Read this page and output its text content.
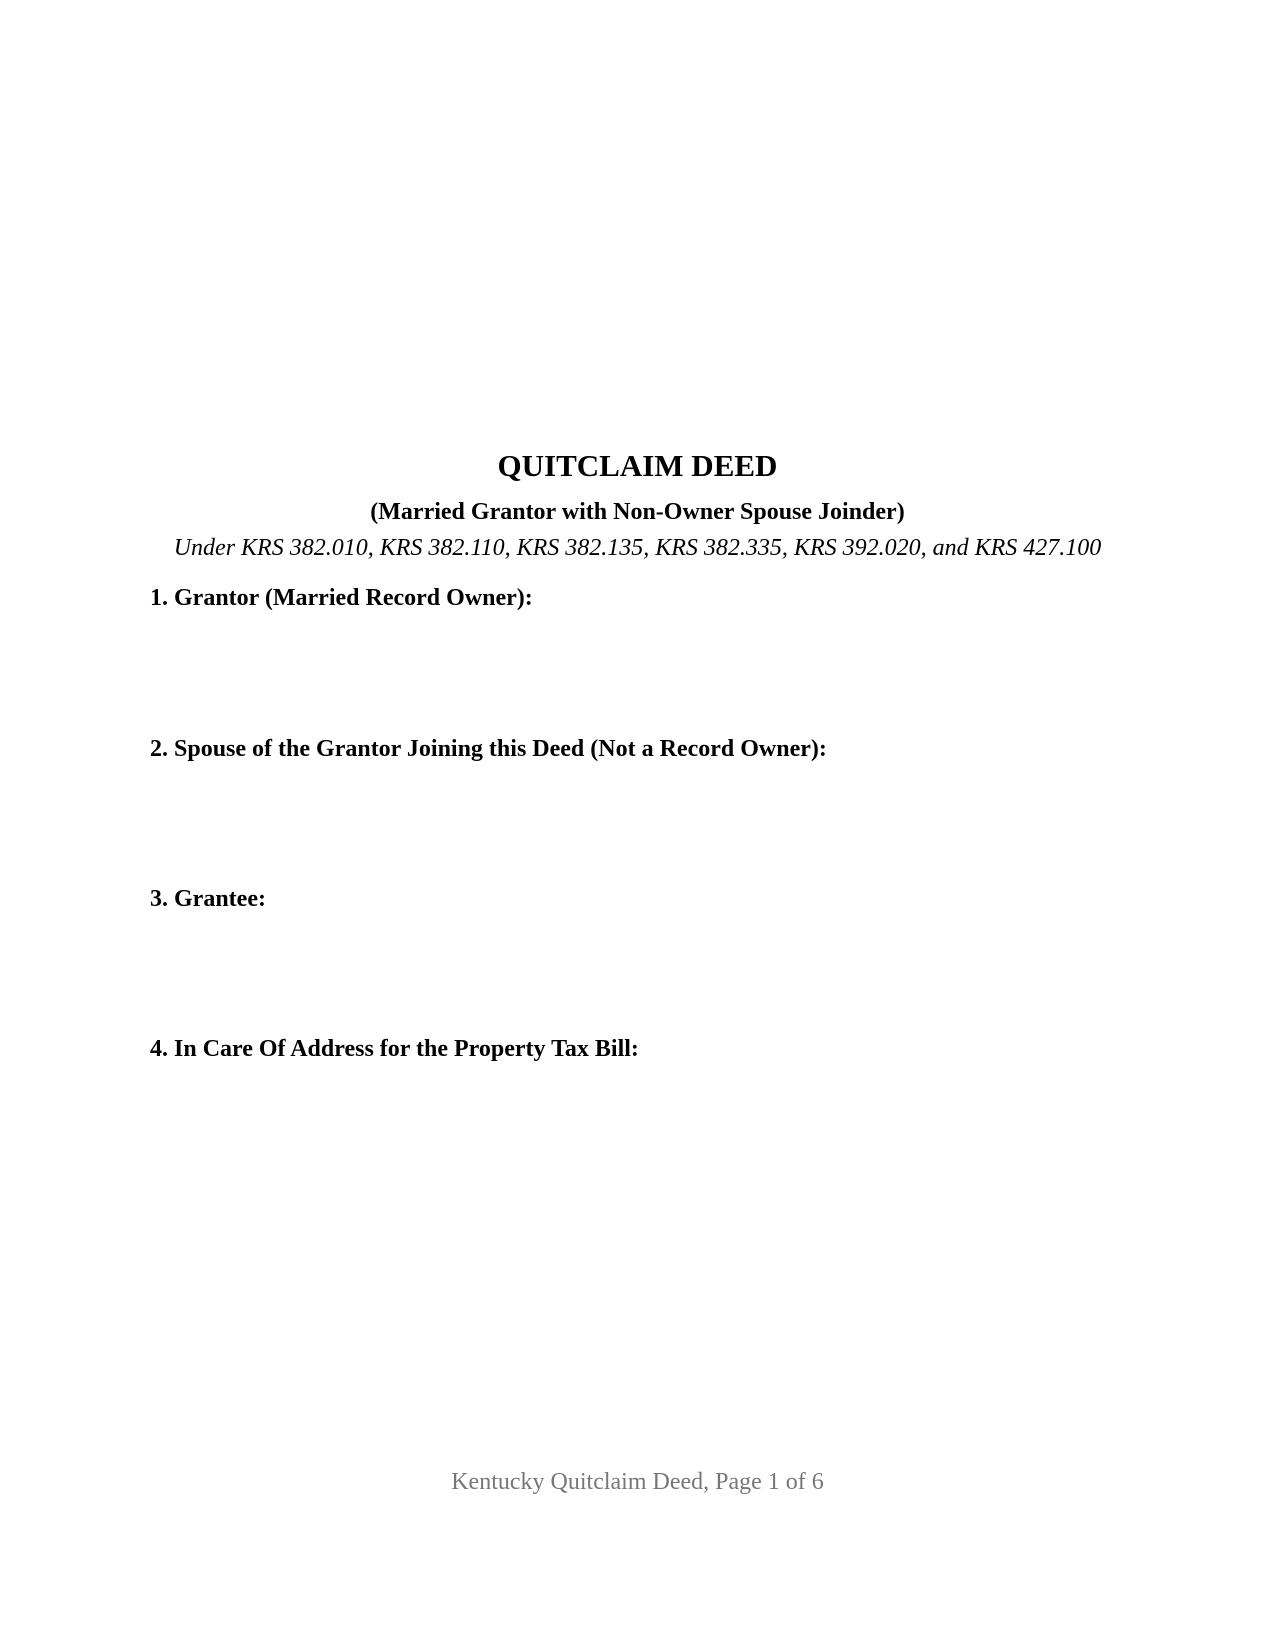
QUITCLAIM DEED
(Married Grantor with Non-Owner Spouse Joinder)
Under KRS 382.010, KRS 382.110, KRS 382.135, KRS 382.335, KRS 392.020, and KRS 427.100
1. Grantor (Married Record Owner):
2. Spouse of the Grantor Joining this Deed (Not a Record Owner):
3. Grantee:
4. In Care Of Address for the Property Tax Bill:
Kentucky Quitclaim Deed, Page 1 of 6
